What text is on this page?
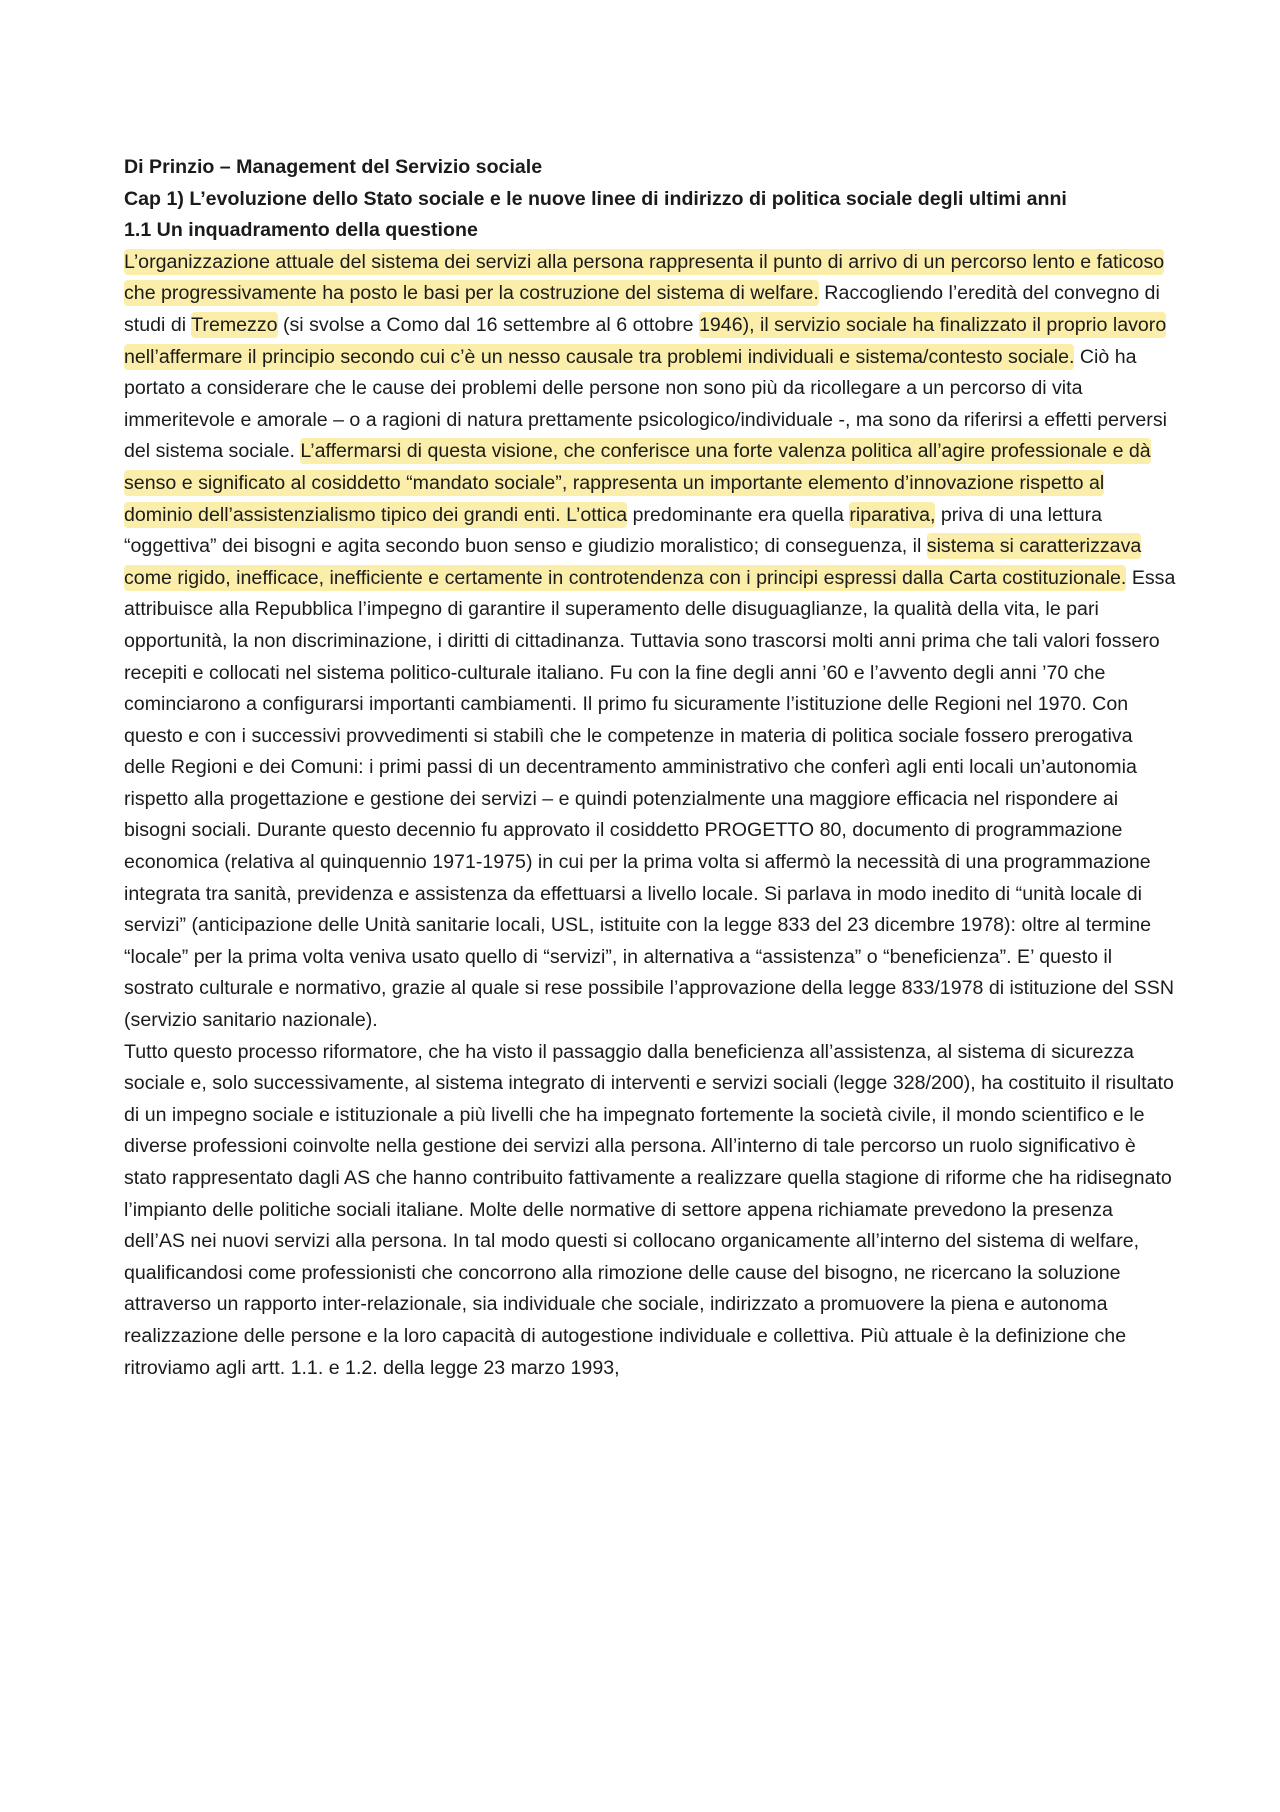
Di Prinzio – Management del Servizio sociale

Cap 1) L’evoluzione dello Stato sociale e le nuove linee di indirizzo di politica sociale degli ultimi anni

1.1 Un inquadramento della questione

L’organizzazione attuale del sistema dei servizi alla persona rappresenta il punto di arrivo di un percorso lento e faticoso che progressivamente ha posto le basi per la costruzione del sistema di welfare. Raccogliendo l’eredità del convegno di studi di Tremezzo (si svolse a Como dal 16 settembre al 6 ottobre 1946), il servizio sociale ha finalizzato il proprio lavoro nell’affermare il principio secondo cui c’è un nesso causale tra problemi individuali e sistema/contesto sociale. Ciò ha portato a considerare che le cause dei problemi delle persone non sono più da ricollegare a un percorso di vita immeritevole e amorale – o a ragioni di natura prettamente psicologico/individuale -, ma sono da riferirsi a effetti perversi del sistema sociale. L’affermarsi di questa visione, che conferisce una forte valenza politica all’agire professionale e dà senso e significato al cosiddetto “mandato sociale”, rappresenta un importante elemento d’innovazione rispetto al dominio dell’assistenzialismo tipico dei grandi enti. L’ottica predominante era quella riparativa, priva di una lettura “oggettiva” dei bisogni e agita secondo buon senso e giudizio moralistico; di conseguenza, il sistema si caratterizzava come rigido, inefficace, inefficiente e certamente in controtendenza con i principi espressi dalla Carta costituzionale. Essa attribuisce alla Repubblica l’impegno di garantire il superamento delle disuguaglianze, la qualità della vita, le pari opportunità, la non discriminazione, i diritti di cittadinanza. Tuttavia sono trascorsi molti anni prima che tali valori fossero recepiti e collocati nel sistema politico-culturale italiano. Fu con la fine degli anni ’60 e l’avvento degli anni ’70 che cominciarono a configurarsi importanti cambiamenti. Il primo fu sicuramente l’istituzione delle Regioni nel 1970. Con questo e con i successivi provvedimenti si stabilì che le competenze in materia di politica sociale fossero prerogativa delle Regioni e dei Comuni: i primi passi di un decentramento amministrativo che conferì agli enti locali un’autonomia rispetto alla progettazione e gestione dei servizi – e quindi potenzialmente una maggiore efficacia nel rispondere ai bisogni sociali. Durante questo decennio fu approvato il cosiddetto PROGETTO 80, documento di programmazione economica (relativa al quinquennio 1971-1975) in cui per la prima volta si affermò la necessità di una programmazione integrata tra sanità, previdenza e assistenza da effettuarsi a livello locale. Si parlava in modo inedito di “unità locale di servizi” (anticipazione delle Unità sanitarie locali, USL, istituite con la legge 833 del 23 dicembre 1978): oltre al termine “locale” per la prima volta veniva usato quello di “servizi”, in alternativa a “assistenza” o “beneficienza”. E’ questo il sostrato culturale e normativo, grazie al quale si rese possibile l’approvazione della legge 833/1978 di istituzione del SSN (servizio sanitario nazionale).

Tutto questo processo riformatore, che ha visto il passaggio dalla beneficienza all’assistenza, al sistema di sicurezza sociale e, solo successivamente, al sistema integrato di interventi e servizi sociali (legge 328/200), ha costituito il risultato di un impegno sociale e istituzionale a più livelli che ha impegnato fortemente la società civile, il mondo scientifico e le diverse professioni coinvolte nella gestione dei servizi alla persona. All’interno di tale percorso un ruolo significativo è stato rappresentato dagli AS che hanno contribuito fattivamente a realizzare quella stagione di riforme che ha ridisegnato l’impianto delle politiche sociali italiane. Molte delle normative di settore appena richiamate prevedono la presenza dell’AS nei nuovi servizi alla persona. In tal modo questi si collocano organicamente all’interno del sistema di welfare, qualificandosi come professionisti che concorrono alla rimozione delle cause del bisogno, ne ricercano la soluzione attraverso un rapporto inter-relazionale, sia individuale che sociale, indirizzato a promuovere la piena e autonoma realizzazione delle persone e la loro capacità di autogestione individuale e collettiva. Più attuale è la definizione che ritroviamo agli artt. 1.1. e 1.2. della legge 23 marzo 1993,
